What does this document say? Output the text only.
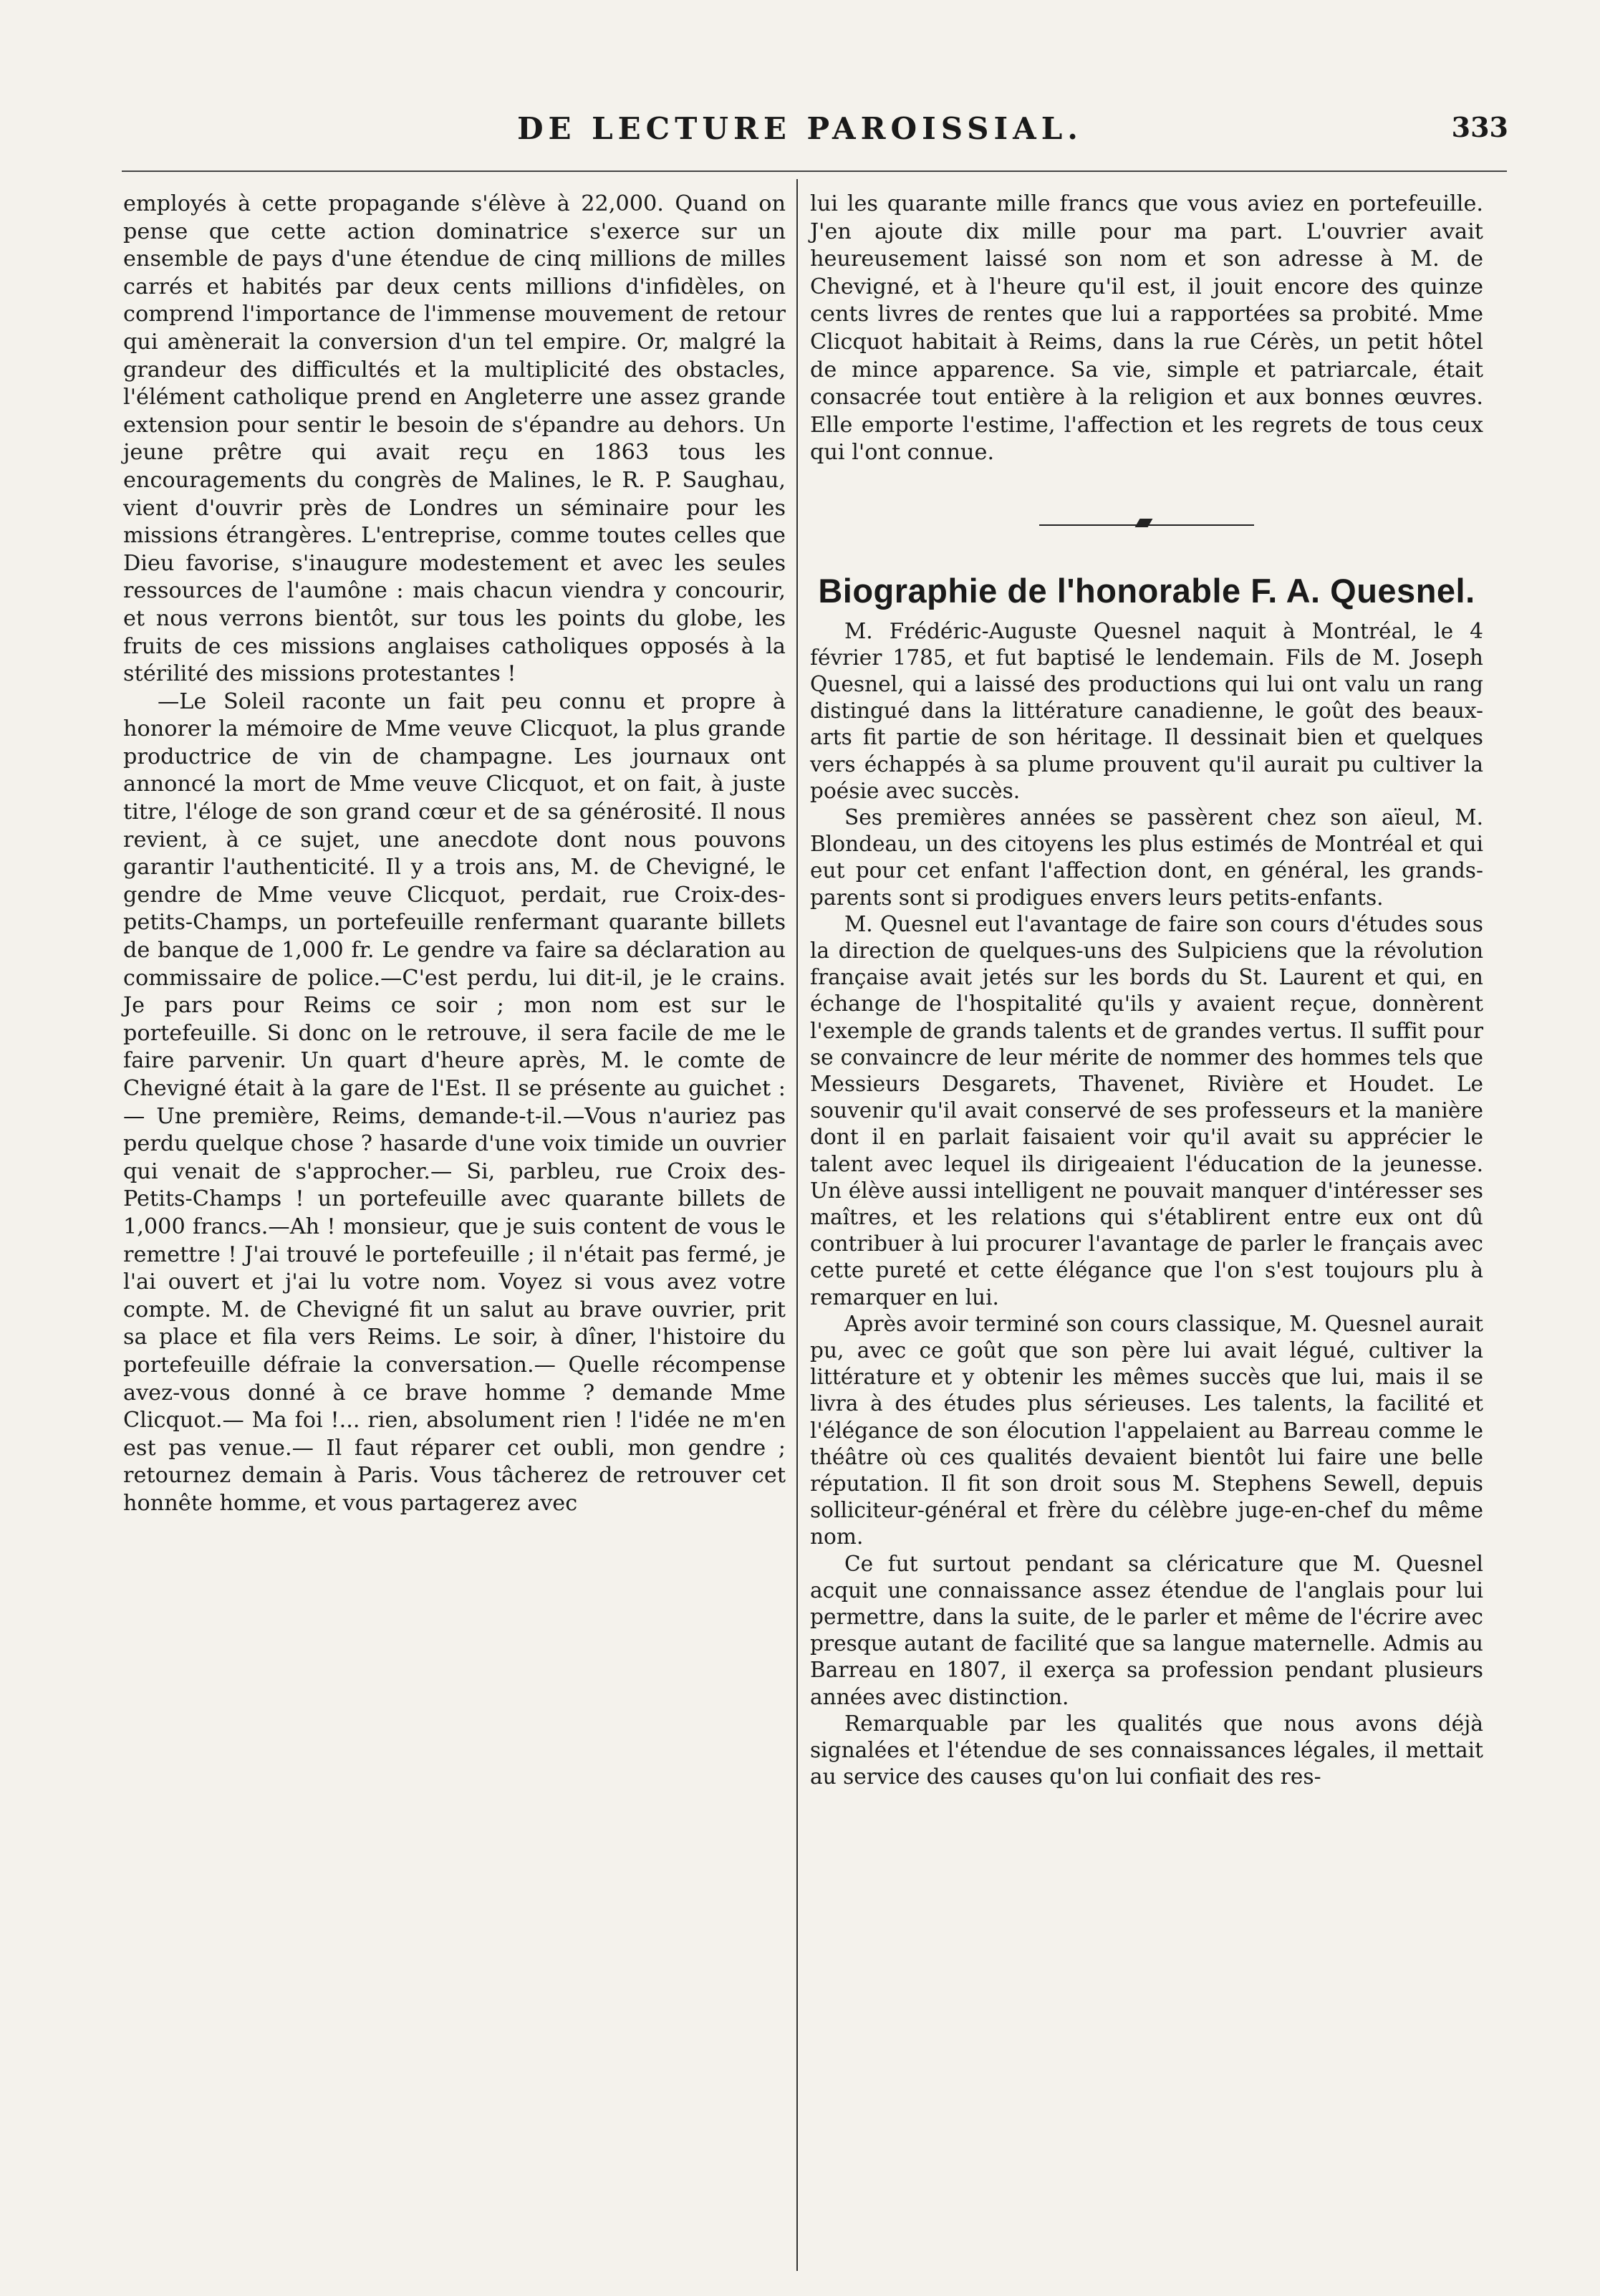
DE LECTURE PAROISSIAL.	333

employés à cette propagande s'élève à 22,000. Quand on pense que cette action dominatrice s'exerce sur un ensemble de pays d'une étendue de cinq millions de milles carrés et habités par deux cents millions d'infidèles, on comprend l'importance de l'immense mouvement de retour qui amènerait la conversion d'un tel empire. Or, malgré la grandeur des difficultés et la multiplicité des obstacles, l'élément catholique prend en Angleterre une assez grande extension pour sentir le besoin de s'épandre au dehors. Un jeune prêtre qui avait reçu en 1863 tous les encouragements du congrès de Malines, le R. P. Saughau, vient d'ouvrir près de Londres un séminaire pour les missions étrangères. L'entreprise, comme toutes celles que Dieu favorise, s'inaugure modestement et avec les seules ressources de l'aumône : mais chacun viendra y concourir, et nous verrons bientôt, sur tous les points du globe, les fruits de ces missions anglaises catholiques opposés à la stérilité des missions protestantes !

—Le Soleil raconte un fait peu connu et propre à honorer la mémoire de Mme veuve Clicquot, la plus grande productrice de vin de champagne. Les journaux ont annoncé la mort de Mme veuve Clicquot, et on fait, à juste titre, l'éloge de son grand cœur et de sa générosité. Il nous revient, à ce sujet, une anecdote dont nous pouvons garantir l'authenticité. Il y a trois ans, M. de Chevigné, le gendre de Mme veuve Clicquot, perdait, rue Croix-des-petits-Champs, un portefeuille renfermant quarante billets de banque de 1,000 fr. Le gendre va faire sa déclaration au commissaire de police.—C'est perdu, lui dit-il, je le crains. Je pars pour Reims ce soir ; mon nom est sur le portefeuille. Si donc on le retrouve, il sera facile de me le faire parvenir. Un quart d'heure après, M. le comte de Chevigné était à la gare de l'Est. Il se présente au guichet : — Une première, Reims, demande-t-il.—Vous n'auriez pas perdu quelque chose ? hasarde d'une voix timide un ouvrier qui venait de s'approcher.— Si, parbleu, rue Croix des-Petits-Champs ! un portefeuille avec quarante billets de 1,000 francs.—Ah ! monsieur, que je suis content de vous le remettre ! J'ai trouvé le portefeuille ; il n'était pas fermé, je l'ai ouvert et j'ai lu votre nom. Voyez si vous avez votre compte. M. de Chevigné fit un salut au brave ouvrier, prit sa place et fila vers Reims. Le soir, à dîner, l'histoire du portefeuille défraie la conversation.— Quelle récompense avez-vous donné à ce brave homme ? demande Mme Clicquot.— Ma foi !... rien, absolument rien ! l'idée ne m'en est pas venue.— Il faut réparer cet oubli, mon gendre ; retournez demain à Paris. Vous tâcherez de retrouver cet honnête homme, et vous partagerez avec

lui les quarante mille francs que vous aviez en portefeuille. J'en ajoute dix mille pour ma part. L'ouvrier avait heureusement laissé son nom et son adresse à M. de Chevigné, et à l'heure qu'il est, il jouit encore des quinze cents livres de rentes que lui a rapportées sa probité. Mme Clicquot habitait à Reims, dans la rue Cérès, un petit hôtel de mince apparence. Sa vie, simple et patriarcale, était consacrée tout entière à la religion et aux bonnes œuvres. Elle emporte l'estime, l'affection et les regrets de tous ceux qui l'ont connue.

Biographie de l'honorable F. A. Quesnel.

M. Frédéric-Auguste Quesnel naquit à Montréal, le 4 février 1785, et fut baptisé le lendemain. Fils de M. Joseph Quesnel, qui a laissé des productions qui lui ont valu un rang distingué dans la littérature canadienne, le goût des beaux-arts fit partie de son héritage. Il dessinait bien et quelques vers échappés à sa plume prouvent qu'il aurait pu cultiver la poésie avec succès.

Ses premières années se passèrent chez son aïeul, M. Blondeau, un des citoyens les plus estimés de Montréal et qui eut pour cet enfant l'affection dont, en général, les grands-parents sont si prodigues envers leurs petits-enfants.

M. Quesnel eut l'avantage de faire son cours d'études sous la direction de quelques-uns des Sulpiciens que la révolution française avait jetés sur les bords du St. Laurent et qui, en échange de l'hospitalité qu'ils y avaient reçue, donnèrent l'exemple de grands talents et de grandes vertus. Il suffit pour se convaincre de leur mérite de nommer des hommes tels que Messieurs Desgarets, Thavenet, Rivière et Houdet. Le souvenir qu'il avait conservé de ses professeurs et la manière dont il en parlait faisaient voir qu'il avait su apprécier le talent avec lequel ils dirigeaient l'éducation de la jeunesse. Un élève aussi intelligent ne pouvait manquer d'intéresser ses maîtres, et les relations qui s'établirent entre eux ont dû contribuer à lui procurer l'avantage de parler le français avec cette pureté et cette élégance que l'on s'est toujours plu à remarquer en lui.

Après avoir terminé son cours classique, M. Quesnel aurait pu, avec ce goût que son père lui avait légué, cultiver la littérature et y obtenir les mêmes succès que lui, mais il se livra à des études plus sérieuses. Les talents, la facilité et l'élégance de son élocution l'appelaient au Barreau comme le théâtre où ces qualités devaient bientôt lui faire une belle réputation. Il fit son droit sous M. Stephens Sewell, depuis solliciteur-général et frère du célèbre juge-en-chef du même nom.

Ce fut surtout pendant sa cléricature que M. Quesnel acquit une connaissance assez étendue de l'anglais pour lui permettre, dans la suite, de le parler et même de l'écrire avec presque autant de facilité que sa langue maternelle. Admis au Barreau en 1807, il exerça sa profession pendant plusieurs années avec distinction.

Remarquable par les qualités que nous avons déjà signalées et l'étendue de ses connaissances légales, il mettait au service des causes qu'on lui confiait des res-
